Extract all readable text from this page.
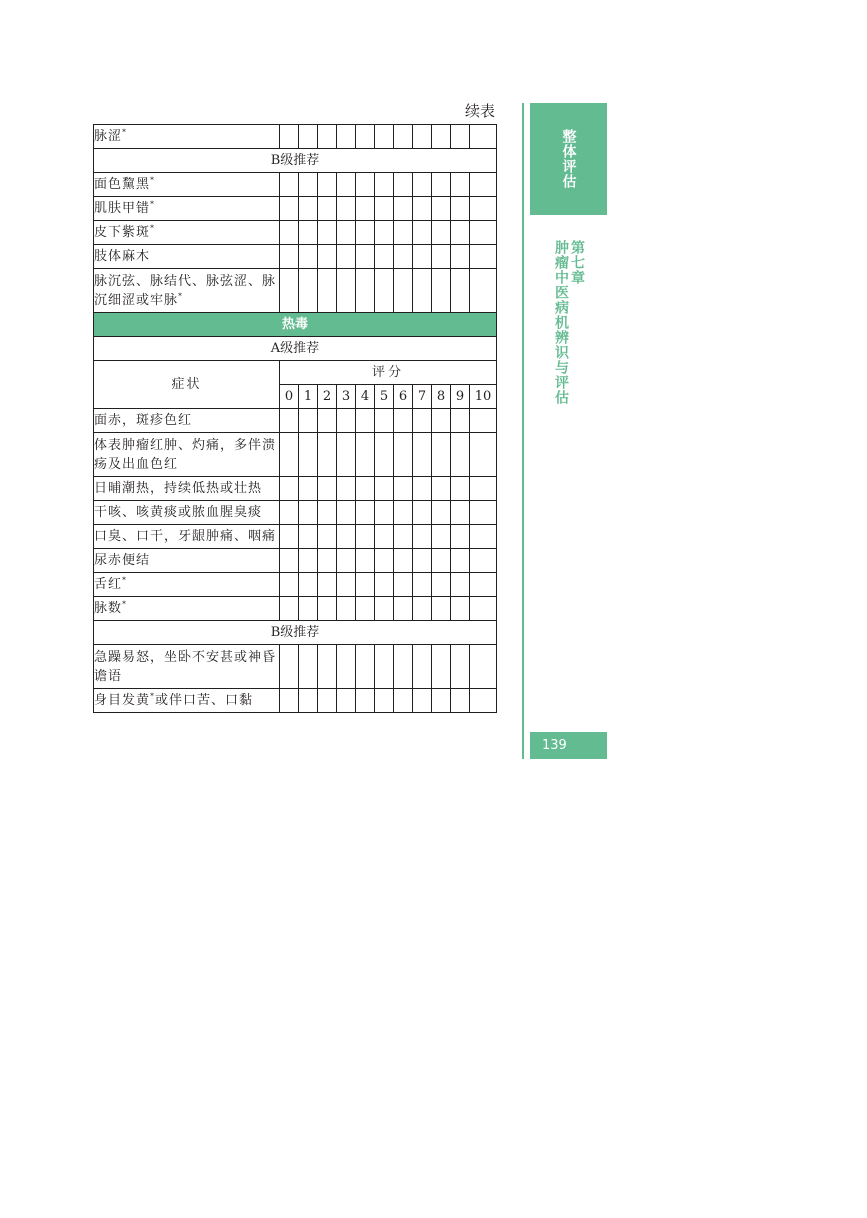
续表
脉涩*											
B级推荐											
面色黧黑*											
肌肤甲错*											
皮下紫斑*											
肢体麻木											
脉沉弦、脉结代、脉弦涩、脉沉细涩或牢脉*											
热毒											
A级推荐											
症状	评分										
	0	1	2	3	4	5	6	7	8	9	10
面赤，斑疹色红											
体表肿瘤红肿、灼痛，多伴溃疡及出血色红											
日晡潮热，持续低热或壮热											
干咳、咳黄痰或脓血腥臭痰											
口臭、口干，牙龈肿痛、咽痛											
尿赤便结											
舌红*											
脉数*											
B级推荐											
急躁易怒，坐卧不安甚或神昏谵语											
身目发黄*或伴口苦、口黏											
整体评估
第七章
肿瘤中医病机辨识与评估
139
